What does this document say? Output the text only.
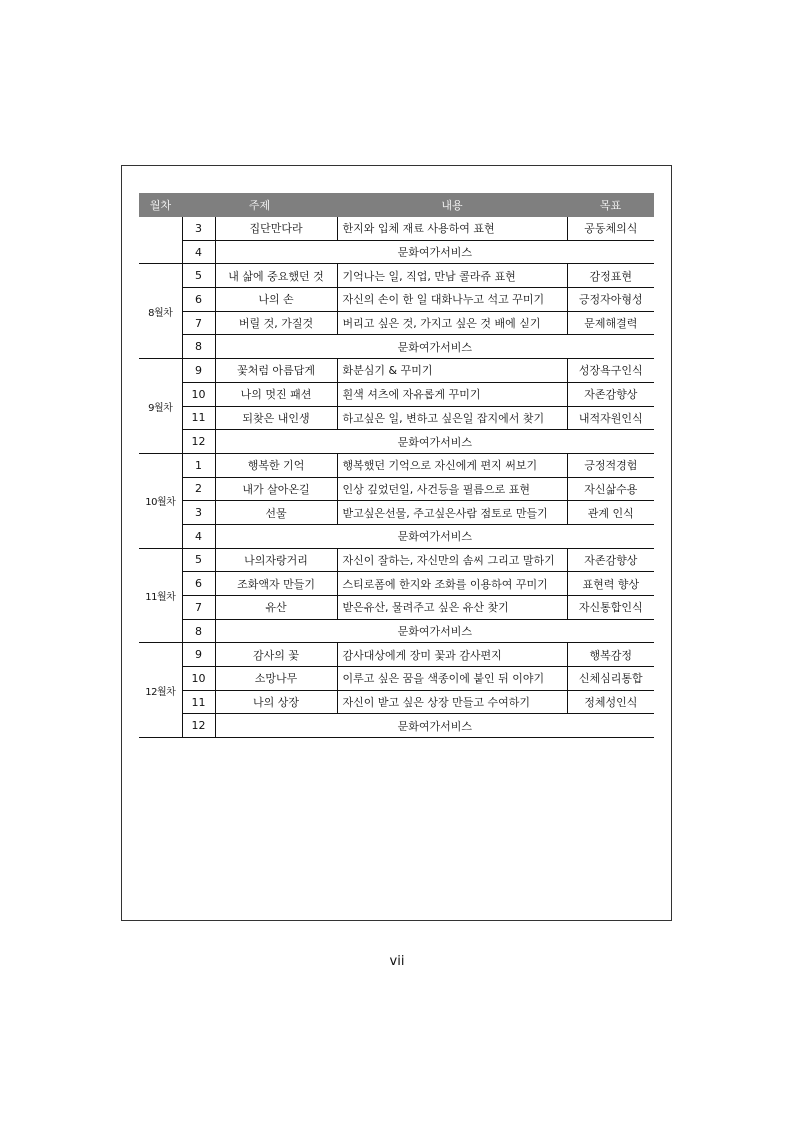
월차	주제		내용	목표
	3	집단만다라	한지와 입체 재료 사용하여 표현	공동체의식
	4	문화여가서비스		
8월차	5	내 삶에 중요했던 것	기억나는 일, 직업, 만남 콜라쥬 표현	감정표현
	6	나의 손	자신의 손이 한 일 대화나누고 석고 꾸미기	긍정자아형성
	7	버릴 것, 가질것	버리고 싶은 것, 가지고 싶은 것 배에 싣기	문제해결력
	8	문화여가서비스		
9월차	9	꽃처럼 아름답게	화분심기 & 꾸미기	성장욕구인식
	10	나의 멋진 패션	흰색 셔츠에 자유롭게 꾸미기	자존감향상
	11	되찾은 내인생	하고싶은 일, 변하고 싶은일 잡지에서 찾기	내적자원인식
	12	문화여가서비스		
10월차	1	행복한 기억	행복했던 기억으로 자신에게 편지 써보기	긍정적경험
	2	내가 살아온길	인상 깊었던일, 사건등을 필름으로 표현	자신삶수용
	3	선물	받고싶은선물, 주고싶은사람 점토로 만들기	관계 인식
	4	문화여가서비스		
11월차	5	나의자랑거리	자신이 잘하는, 자신만의 솜씨 그리고 말하기	자존감향상
	6	조화액자 만들기	스티로폼에 한지와 조화를 이용하여 꾸미기	표현력 향상
	7	유산	받은유산, 물려주고 싶은 유산 찾기	자신통합인식
	8	문화여가서비스		
12월차	9	감사의 꽃	감사대상에게 장미 꽃과 감사편지	행복감정
	10	소망나무	이루고 싶은 꿈을 색종이에 붙인 뒤 이야기	신체심리통합
	11	나의 상장	자신이 받고 싶은 상장 만들고 수여하기	정체성인식
	12	문화여가서비스		
vii
